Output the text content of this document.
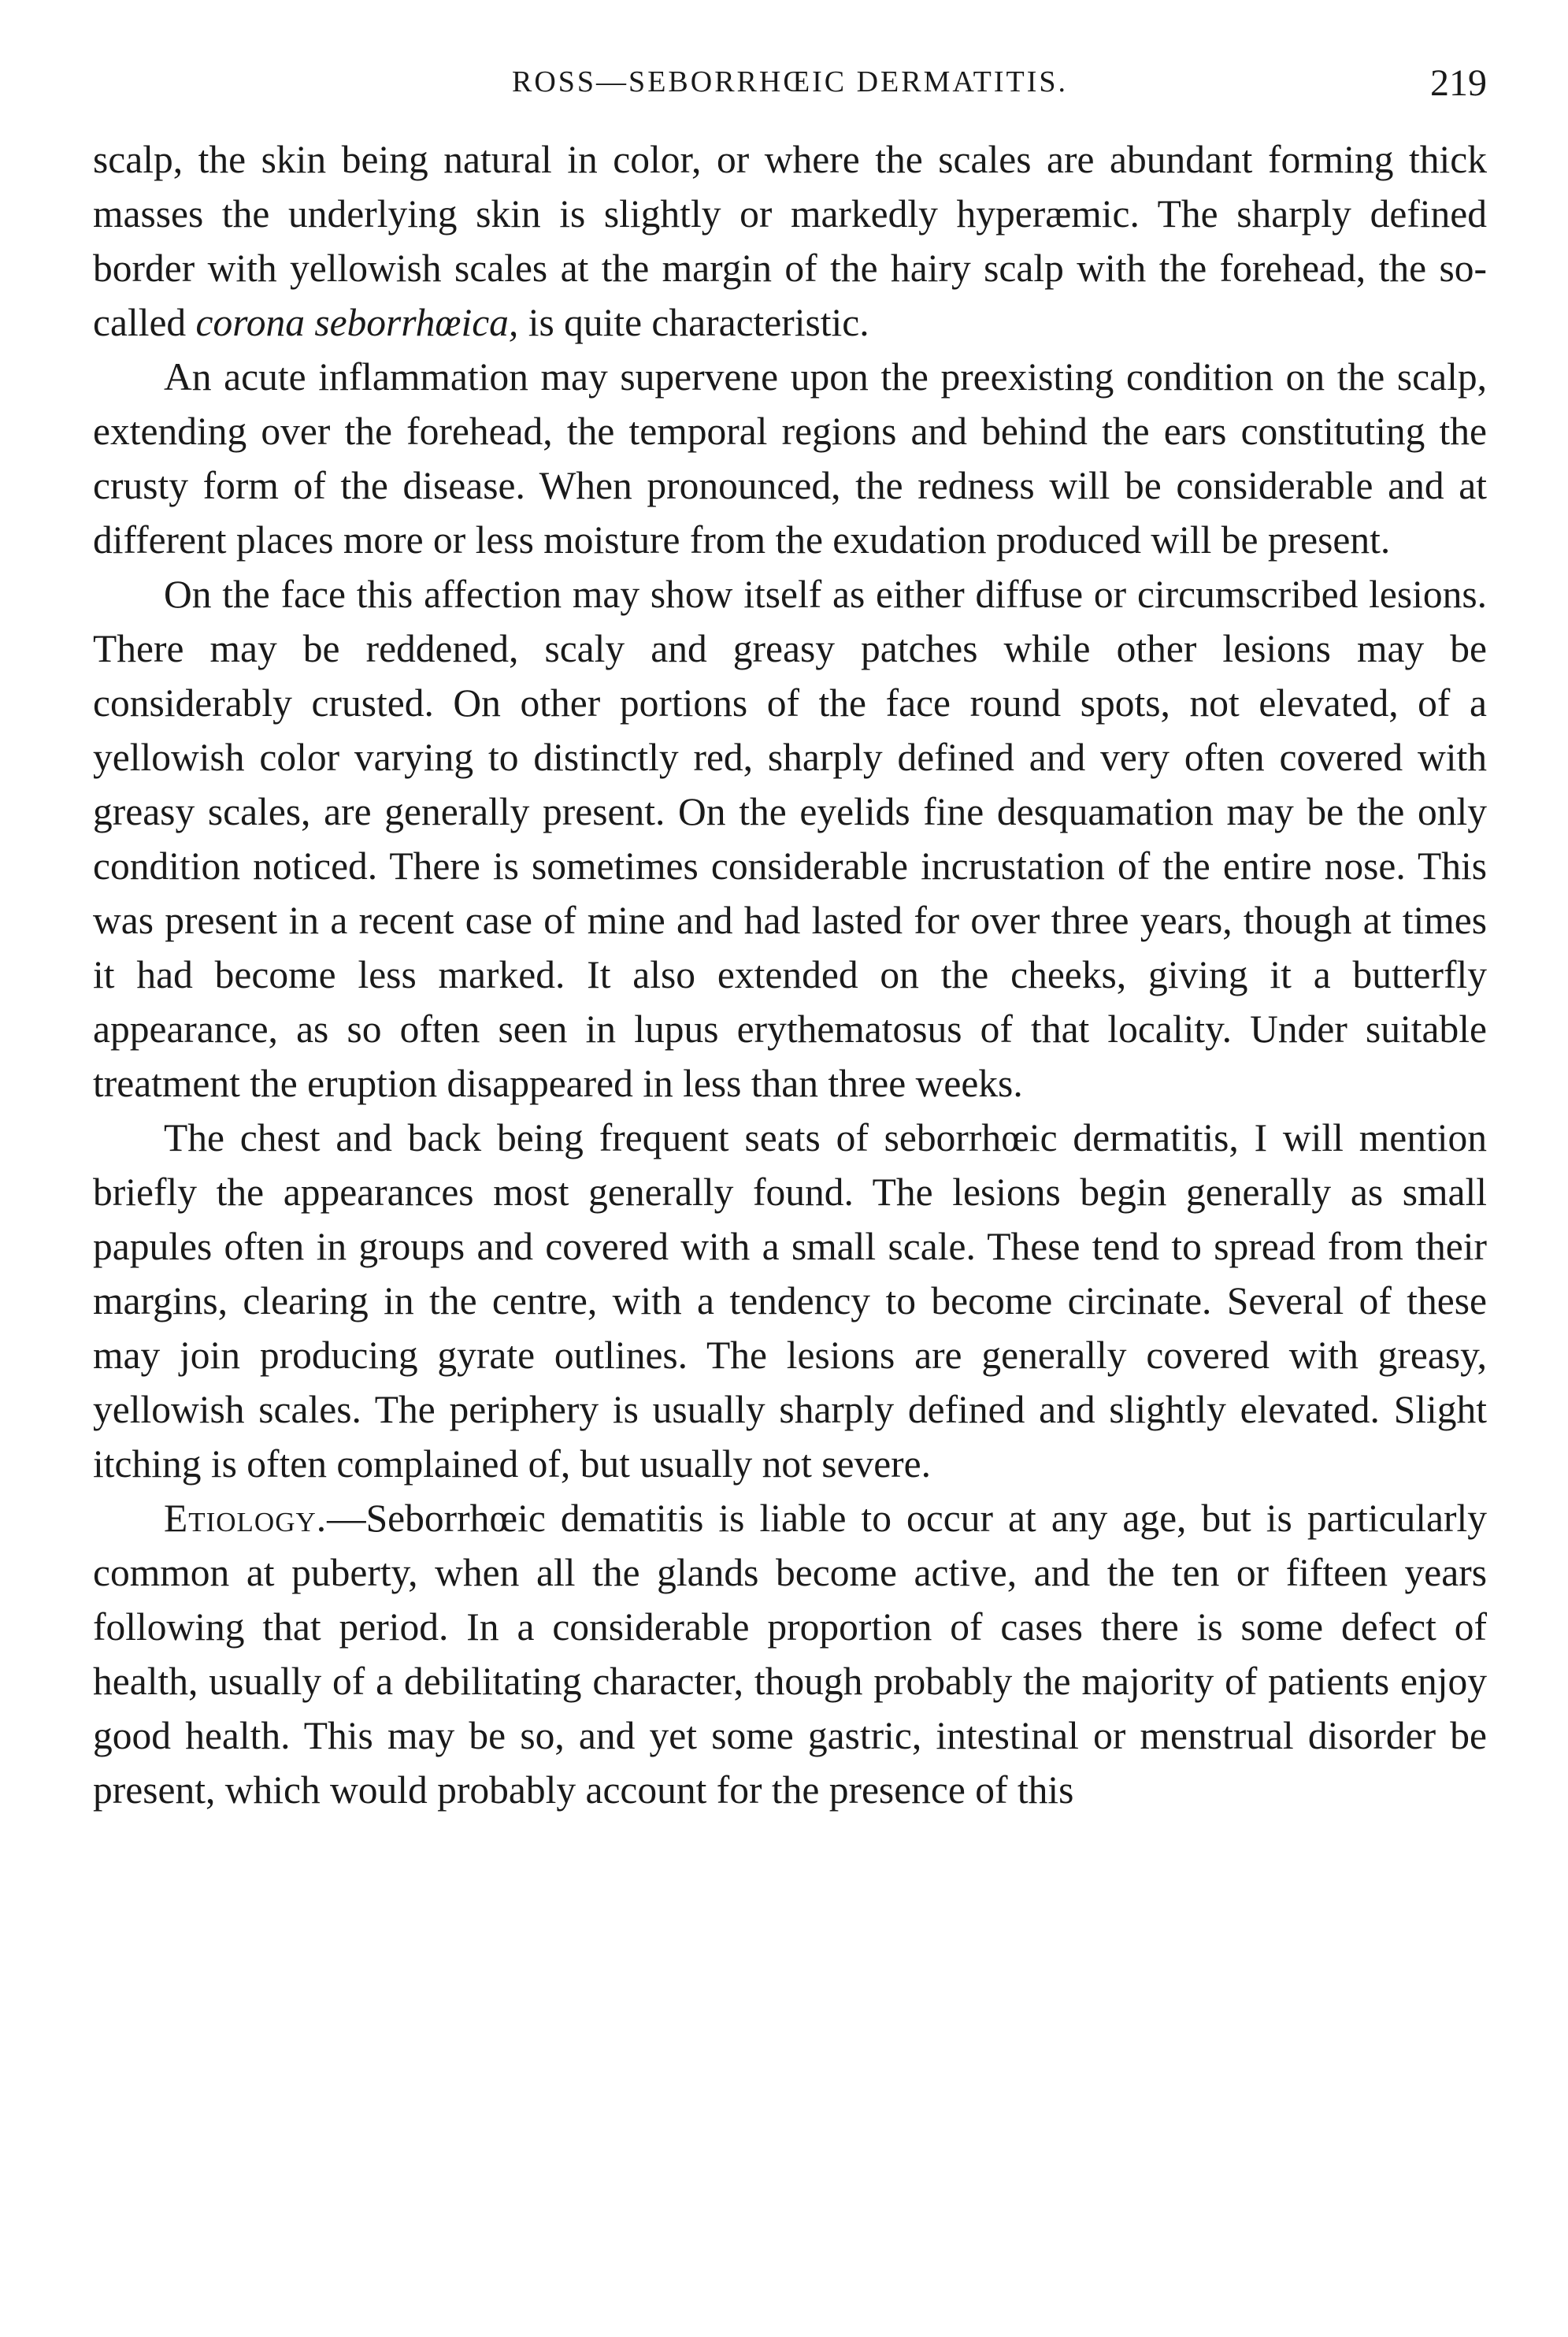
ROSS—SEBORRHŒIC DERMATITIS.	219

scalp, the skin being natural in color, or where the scales are abundant forming thick masses the underlying skin is slightly or markedly hyperæmic. The sharply defined border with yellowish scales at the margin of the hairy scalp with the forehead, the so-called corona seborrhœica, is quite characteristic.

An acute inflammation may supervene upon the preexisting condition on the scalp, extending over the forehead, the temporal regions and behind the ears constituting the crusty form of the disease. When pronounced, the redness will be considerable and at different places more or less moisture from the exudation produced will be present.

On the face this affection may show itself as either diffuse or circumscribed lesions. There may be reddened, scaly and greasy patches while other lesions may be considerably crusted. On other portions of the face round spots, not elevated, of a yellowish color varying to distinctly red, sharply defined and very often covered with greasy scales, are generally present. On the eyelids fine desquamation may be the only condition noticed. There is sometimes considerable incrustation of the entire nose. This was present in a recent case of mine and had lasted for over three years, though at times it had become less marked. It also extended on the cheeks, giving it a butterfly appearance, as so often seen in lupus erythematosus of that locality. Under suitable treatment the eruption disappeared in less than three weeks.

The chest and back being frequent seats of seborrhœic dermatitis, I will mention briefly the appearances most generally found. The lesions begin generally as small papules often in groups and covered with a small scale. These tend to spread from their margins, clearing in the centre, with a tendency to become circinate. Several of these may join producing gyrate outlines. The lesions are generally covered with greasy, yellowish scales. The periphery is usually sharply defined and slightly elevated. Slight itching is often complained of, but usually not severe.

Etiology.—Seborrhœic dematitis is liable to occur at any age, but is particularly common at puberty, when all the glands become active, and the ten or fifteen years following that period. In a considerable proportion of cases there is some defect of health, usually of a debilitating character, though probably the majority of patients enjoy good health. This may be so, and yet some gastric, intestinal or menstrual disorder be present, which would probably account for the presence of this
